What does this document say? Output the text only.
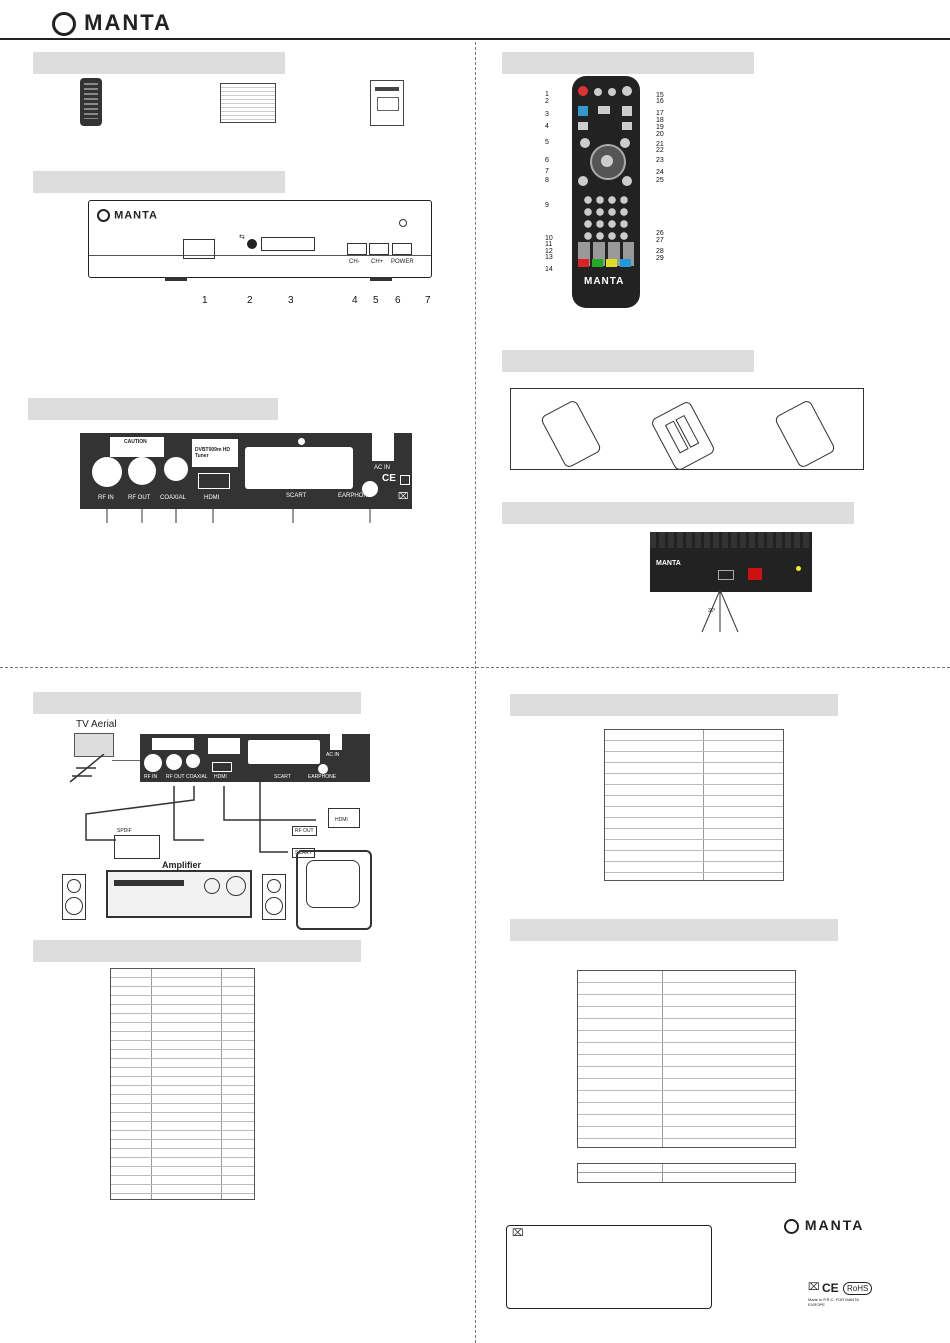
MANTA
MANTA
⇆
CH- CH+ POWER
1	2	3	4 5 6 7
CAUTION
DVBT009m HD Tuner
CE
⌧
RF IN RF OUT COAXIAL	HDMI	SCART	EARPHONE
AC IN
MANTA
1
2
3
4
5
6
7
8
9
10
11
12
13
14
15
16
17
18
19
20
21
22
23
24
25
26
27
28
29
MANTA
30°
TV Aerial
RF IN RF OUT COAXIAL HDMI	SCART	EARPHONE
AC IN
SPDIF	RF OUT
SCART
HDMI
Amplifier
⌧
MANTA
⌧ CE	RoHS
Made in P.R.C. FOR MANTA EUROPE
